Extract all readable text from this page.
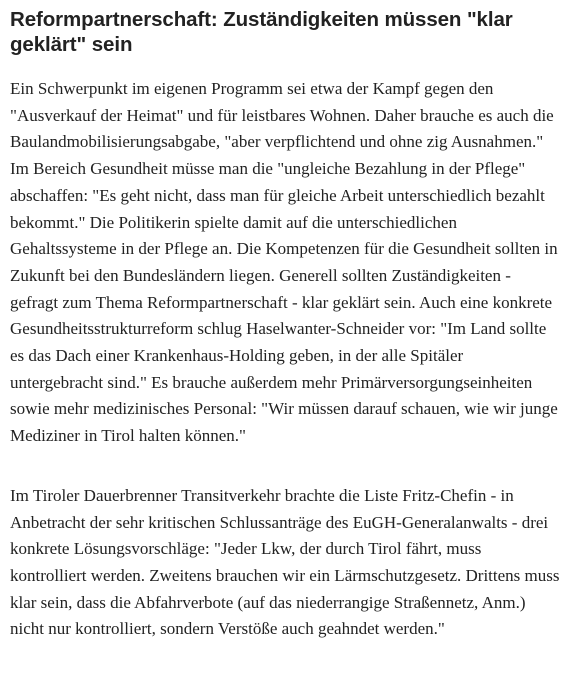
Reformpartnerschaft: Zuständigkeiten müssen "klar geklärt" sein

Ein Schwerpunkt im eigenen Programm sei etwa der Kampf gegen den "Ausverkauf der Heimat" und für leistbares Wohnen. Daher brauche es auch die Baulandmobilisierungsabgabe, "aber verpflichtend und ohne zig Ausnahmen." Im Bereich Gesundheit müsse man die "ungleiche Bezahlung in der Pflege" abschaffen: "Es geht nicht, dass man für gleiche Arbeit unterschiedlich bezahlt bekommt." Die Politikerin spielte damit auf die unterschiedlichen Gehaltssysteme in der Pflege an. Die Kompetenzen für die Gesundheit sollten in Zukunft bei den Bundesländern liegen. Generell sollten Zuständigkeiten - gefragt zum Thema Reformpartnerschaft - klar geklärt sein. Auch eine konkrete Gesundheitsstrukturreform schlug Haselwanter-Schneider vor: "Im Land sollte es das Dach einer Krankenhaus-Holding geben, in der alle Spitäler untergebracht sind." Es brauche außerdem mehr Primärversorgungseinheiten sowie mehr medizinisches Personal: "Wir müssen darauf schauen, wie wir junge Mediziner in Tirol halten können."

Im Tiroler Dauerbrenner Transitverkehr brachte die Liste Fritz-Chefin - in Anbetracht der sehr kritischen Schlussanträge des EuGH-Generalanwalts - drei konkrete Lösungsvorschläge: "Jeder Lkw, der durch Tirol fährt, muss kontrolliert werden. Zweitens brauchen wir ein Lärmschutzgesetz. Drittens muss klar sein, dass die Abfahrverbote (auf das niederrangige Straßennetz, Anm.) nicht nur kontrolliert, sondern Verstöße auch geahndet werden."
